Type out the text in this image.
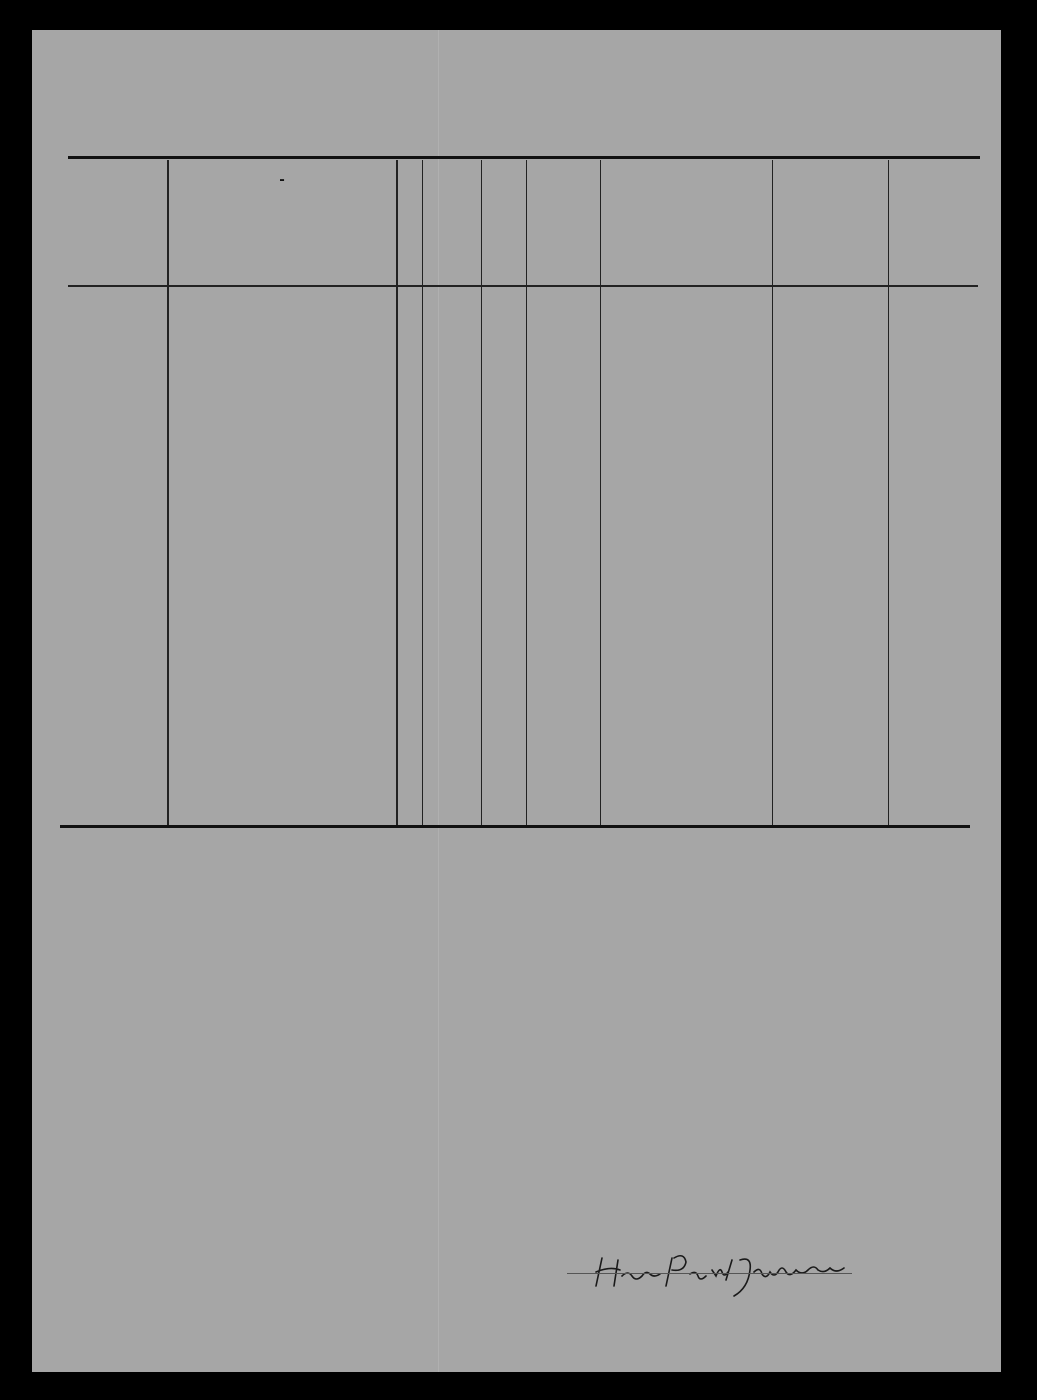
-
